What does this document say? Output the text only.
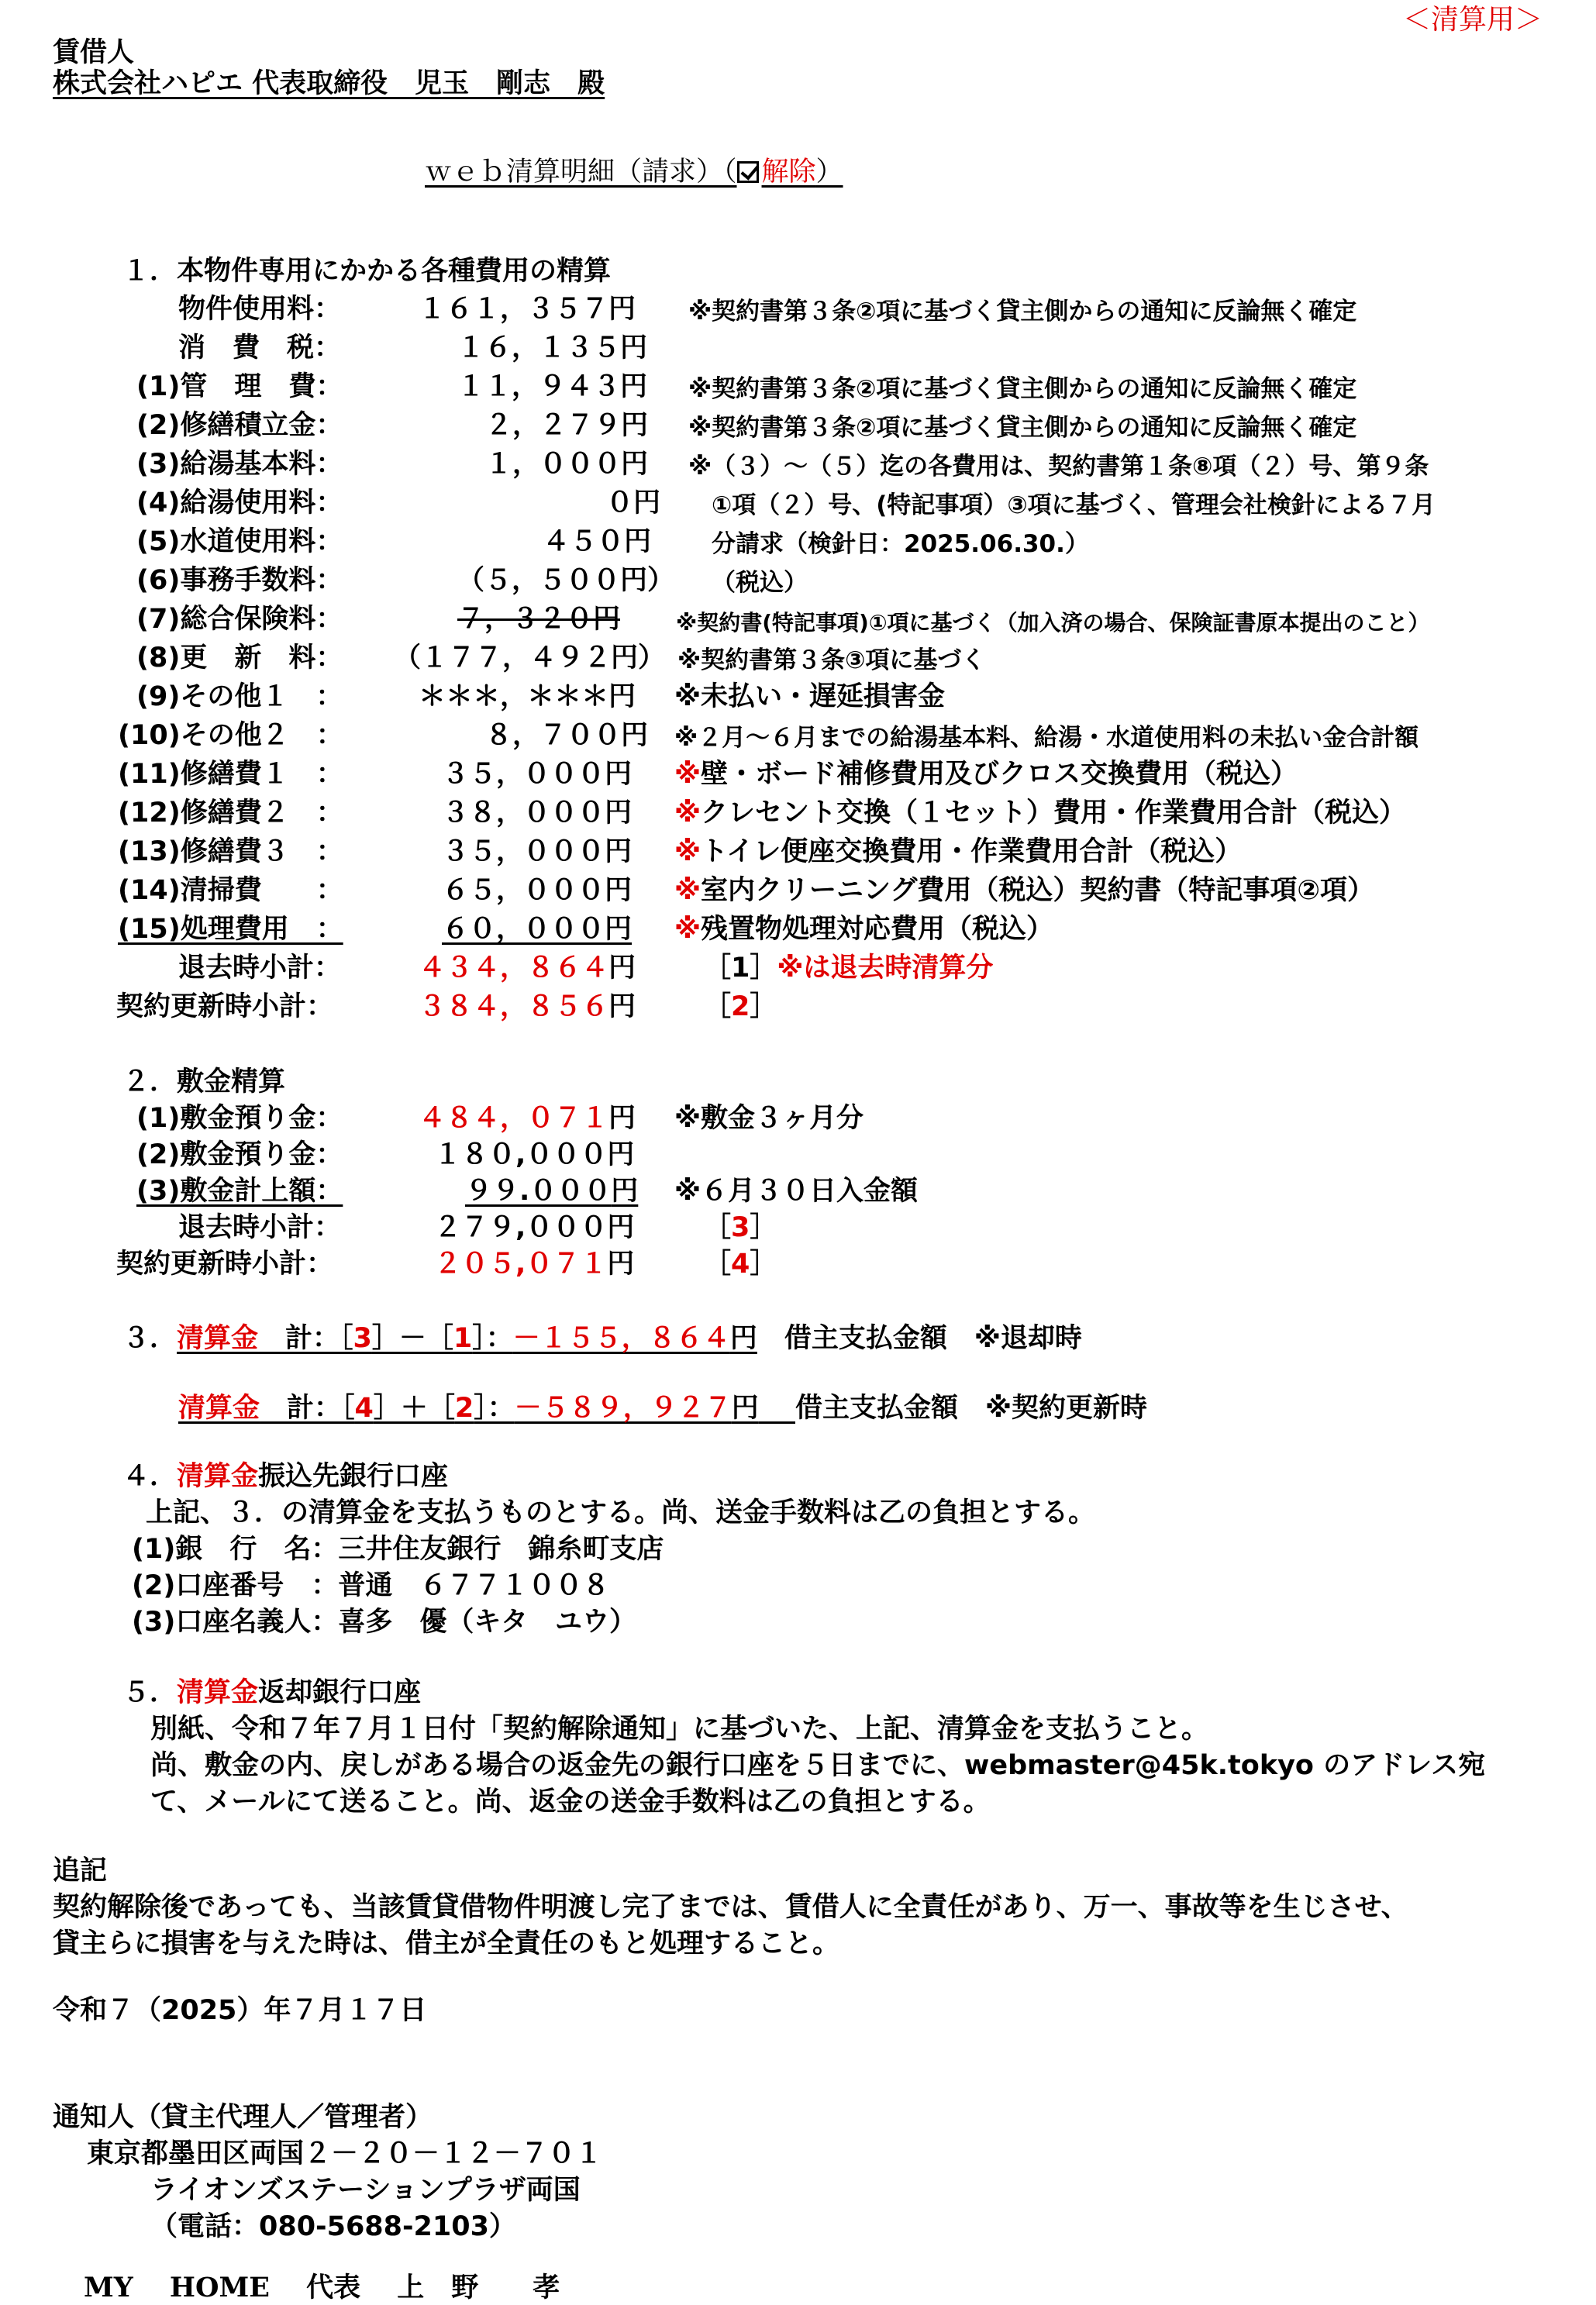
＜清算用＞
賃借人
株式会社ハピエ 代表取締役　児玉　剛志　殿
ｗｅｂ清算明細（請求）（ 解除）
１．本物件専用にかかる各種費用の精算
物件使用料：	１６１，３５７円 ※契約書第３条②項に基づく貸主側からの通知に反論無く確定
消　費　税：	１６，１３５円
(1)管　理　費：	１１，９４３円 ※契約書第３条②項に基づく貸主側からの通知に反論無く確定
(2)修繕積立金：	２，２７９円 ※契約書第３条②項に基づく貸主側からの通知に反論無く確定
(3)給湯基本料：	１，０００円 ※（３）～（５）迄の各費用は、契約書第１条⑧項（２）号、第９条
(4)給湯使用料：	０円 ①項（２）号、(特記事項）③項に基づく、管理会社検針による７月
(5)水道使用料：	４５０円	分請求（検針日：2025.06.30.）
(6)事務手数料：	（５，５００円） （税込）
(7)総合保険料：	７，３２０円	※契約書(特記事項)①項に基づく（加入済の場合、保険証書原本提出のこと）
(8)更　新　料： （１７７，４９２円） ※契約書第３条③項に基づく
(9)その他１　：	＊＊＊，＊＊＊円 ※未払い・遅延損害金
(10)その他２　：	８，７００円 ※２月～６月までの給湯基本料、給湯・水道使用料の未払い金合計額
(11)修繕費１　：	３５，０００円 ※壁・ボード補修費用及びクロス交換費用（税込）
(12)修繕費２　：	３８，０００円 ※クレセント交換（１セット）費用・作業費用合計（税込）
(13)修繕費３　：	３５，０００円 ※トイレ便座交換費用・作業費用合計（税込）
(14)清掃費　　：	６５，０００円 ※室内クリーニング費用（税込）契約書（特記事項②項）
(15)処理費用　：	６０，０００円 ※残置物処理対応費用（税込）
退去時小計：	４３４，８６４円	［1］※は退去時清算分
契約更新時小計：	３８４，８５６円	［2］
２．敷金精算
(1)敷金預り金：	４８４，０７１円 ※敷金３ヶ月分
(2)敷金預り金：	１８０,０００円
(3)敷金計上額：	９９.０００円 ※６月３０日入金額
退去時小計：	２７９,０００円	［3］
契約更新時小計：	２０５,０７１円	［4］
３．清算金　計：［3］－［1］：－１５５，８６４円　 借主支払金額　※退却時
清算金　計：［4］＋［2］：－５８９，９２７円　 借主支払金額　※契約更新時
４．清算金振込先銀行口座
上記、３．の清算金を支払うものとする。尚、送金手数料は乙の負担とする。
(1)銀　行　名：三井住友銀行　錦糸町支店
(2)口座番号　：普通　６７７１００８
(3)口座名義人：喜多　優（キタ　ユウ）
５．清算金返却銀行口座
別紙、令和７年７月１日付「契約解除通知」に基づいた、上記、清算金を支払うこと。
尚、敷金の内、戻しがある場合の返金先の銀行口座を５日までに、webmaster@45k.tokyo のアドレス宛
て、メールにて送ること。尚、返金の送金手数料は乙の負担とする。
追記
契約解除後であっても、当該賃貸借物件明渡し完了までは、賃借人に全責任があり、万一、事故等を生じさせ、
貸主らに損害を与えた時は、借主が全責任のもと処理すること。
令和７（2025）年７月１７日
通知人（貸主代理人／管理者）
東京都墨田区両国２－２０－１２－７０１
ライオンズステーションプラザ両国
（電話：080-5688-2103）
MY　 HOME　 代表　 上　野　　孝
